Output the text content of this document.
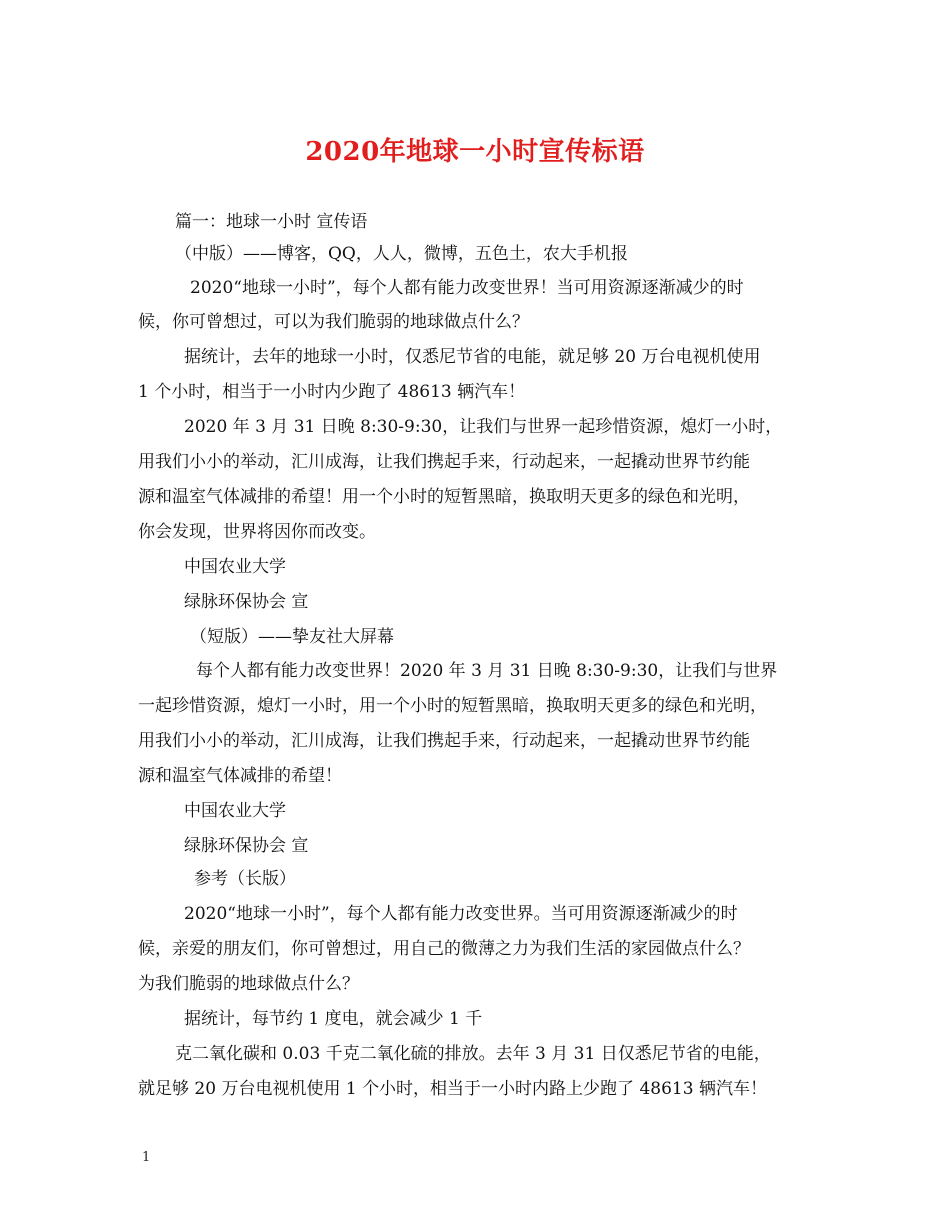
2020年地球一小时宣传标语
篇一：地球一小时 宣传语
（中版）——博客，QQ，人人，微博，五色土，农大手机报
2020“地球一小时”，每个人都有能力改变世界！当可用资源逐渐减少的时
候，你可曾想过，可以为我们脆弱的地球做点什么？
据统计，去年的地球一小时，仅悉尼节省的电能，就足够 20 万台电视机使用
1 个小时，相当于一小时内少跑了 48613 辆汽车！
2020 年 3 月 31 日晚 8:30-9:30，让我们与世界一起珍惜资源，熄灯一小时，
用我们小小的举动，汇川成海，让我们携起手来，行动起来，一起撬动世界节约能
源和温室气体减排的希望！用一个小时的短暂黑暗，换取明天更多的绿色和光明，
你会发现，世界将因你而改变。
中国农业大学
绿脉环保协会 宣
（短版）——挚友社大屏幕
每个人都有能力改变世界！2020 年 3 月 31 日晚 8:30-9:30，让我们与世界
一起珍惜资源，熄灯一小时，用一个小时的短暂黑暗，换取明天更多的绿色和光明，
用我们小小的举动，汇川成海，让我们携起手来，行动起来，一起撬动世界节约能
源和温室气体减排的希望！
中国农业大学
绿脉环保协会 宣
参考（长版）
2020“地球一小时”，每个人都有能力改变世界。当可用资源逐渐减少的时
候，亲爱的朋友们，你可曾想过，用自己的微薄之力为我们生活的家园做点什么？
为我们脆弱的地球做点什么？
据统计，每节约 1 度电，就会减少 1 千
克二氧化碳和 0.03 千克二氧化硫的排放。去年 3 月 31 日仅悉尼节省的电能，
就足够 20 万台电视机使用 1 个小时，相当于一小时内路上少跑了 48613 辆汽车！
1
